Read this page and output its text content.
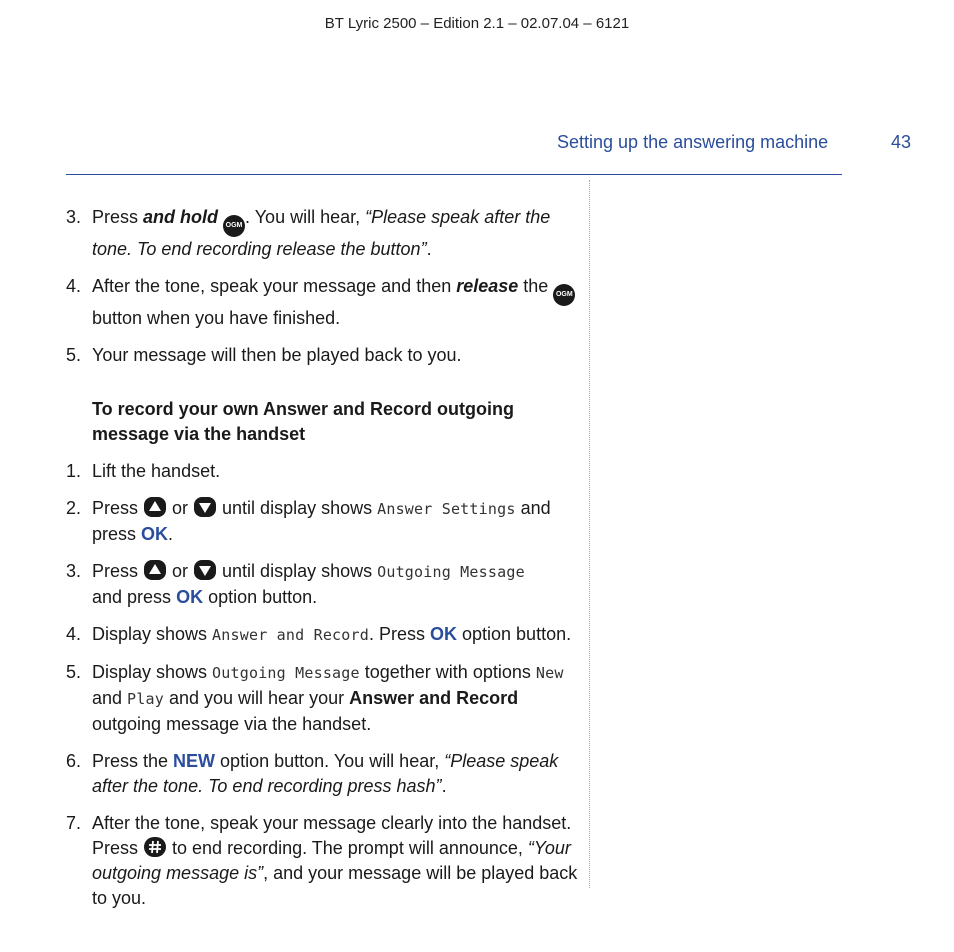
BT Lyric 2500 – Edition 2.1 – 02.07.04 – 6121
Setting up the answering machine	43
3. Press and hold OGM . You will hear, “Please speak after the tone. To end recording release the button”.
4. After the tone, speak your message and then release the OGM button when you have finished.
5. Your message will then be played back to you.
To record your own Answer and Record outgoing message via the handset
1. Lift the handset.
2. Press  or  until display shows Answer Settings and press OK.
3. Press  or  until display shows Outgoing Message
and press OK option button.
4. Display shows Answer and Record. Press OK option button.
5. Display shows Outgoing Message together with options New and Play and you will hear your Answer and Record outgoing message via the handset.
6. Press the NEW option button. You will hear, “Please speak after the tone. To end recording press hash”.
7. After the tone, speak your message clearly into the handset. Press  to end recording. The prompt will announce, “Your outgoing message is”, and your message will be played back to you.
